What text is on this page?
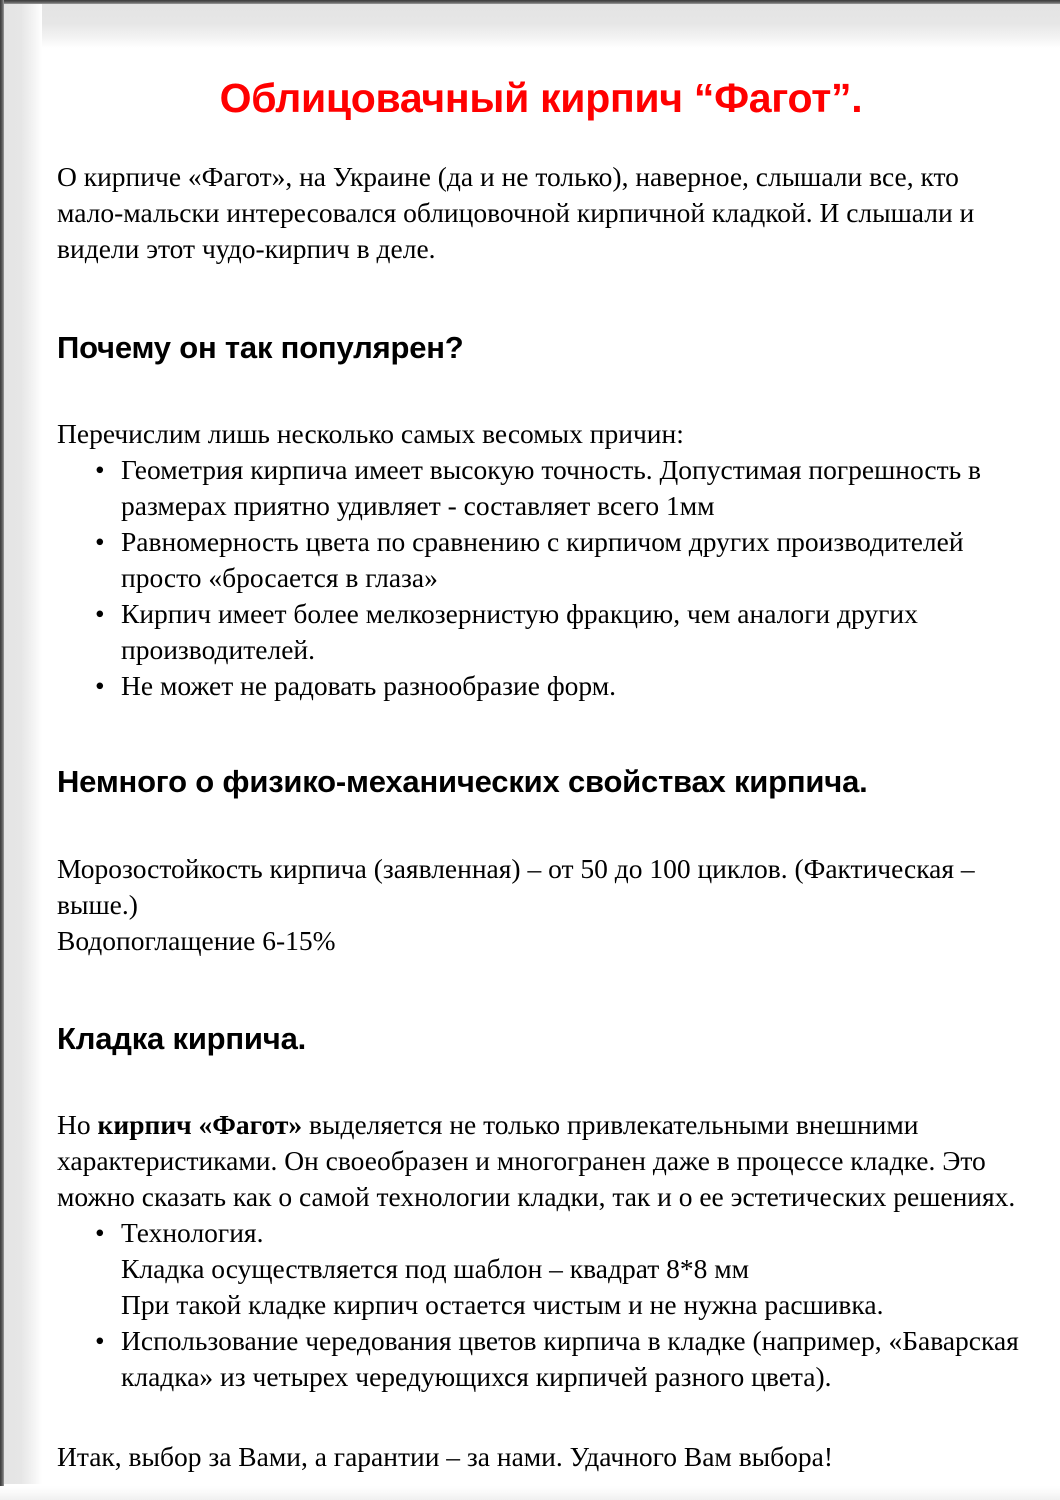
Облицовачный кирпич “Фагот”.

О кирпиче «Фагот», на Украине (да и не только), наверное, слышали все, кто мало-мальски интересовался облицовочной кирпичной кладкой. И слышали и видели этот чудо-кирпич в деле.

Почему он так популярен?

Перечислим лишь несколько самых весомых причин:

• Геометрия кирпича имеет высокую точность. Допустимая погрешность в размерах приятно удивляет - составляет всего 1мм
• Равномерность цвета по сравнению с кирпичом других производителей просто «бросается в глаза»
• Кирпич имеет более мелкозернистую фракцию, чем аналоги других производителей.
• Не может не радовать разнообразие форм.
Немного о физико-механических свойствах кирпича.

Морозостойкость кирпича (заявленная) – от 50 до 100 циклов. (Фактическая – выше.)

Водопоглащение 6-15%

Кладка кирпича.

Но кирпич «Фагот» выделяется не только привлекательными внешними характеристиками. Он своеобразен и многогранен даже в процессе кладке. Это можно сказать как о самой технологии кладки, так и о ее эстетических решениях.

• Технология.
Кладка осуществляется под шаблон – квадрат 8*8 мм
При такой кладке кирпич остается чистым и не нужна расшивка.
• Использование чередования цветов кирпича в кладке (например, «Баварская кладка» из четырех чередующихся кирпичей разного цвета).

Итак, выбор за Вами, а гарантии – за нами. Удачного Вам выбора!
